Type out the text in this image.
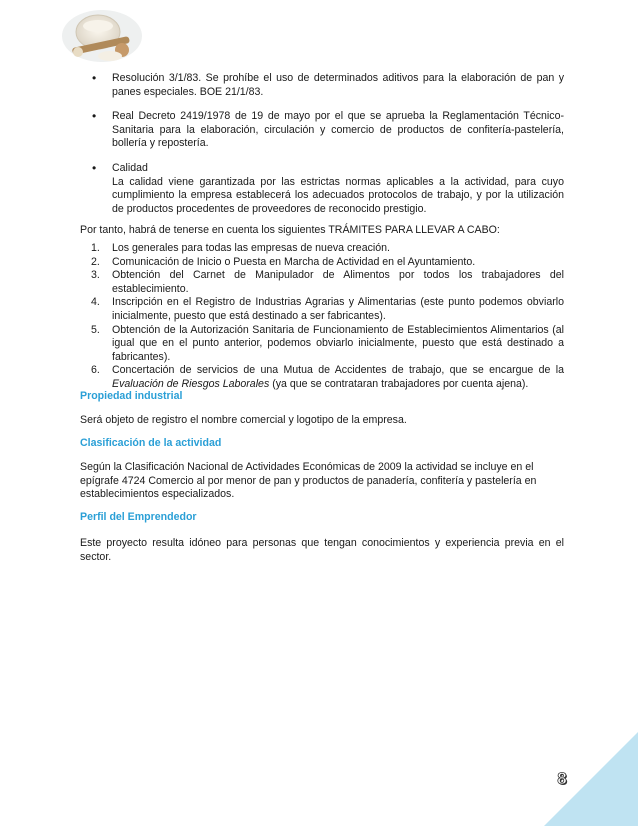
• Resolución 3/1/83. Se prohíbe el uso de determinados aditivos para la elaboración de pan y panes especiales. BOE 21/1/83.
• Real Decreto 2419/1978 de 19 de mayo por el que se aprueba la Reglamentación Técnico-Sanitaria para la elaboración, circulación y comercio de productos de confitería-pastelería, bollería y repostería.
• Calidad
La calidad viene garantizada por las estrictas normas aplicables a la actividad, para cuyo cumplimiento la empresa establecerá los adecuados protocolos de trabajo, y por la utilización de productos procedentes de proveedores de reconocido prestigio.

Por tanto, habrá de tenerse en cuenta los siguientes TRÁMITES PARA LLEVAR A CABO:

1. Los generales para todas las empresas de nueva creación.
2. Comunicación de Inicio o Puesta en Marcha de Actividad en el Ayuntamiento.
3. Obtención del Carnet de Manipulador de Alimentos por todos los trabajadores del establecimiento.
4. Inscripción en el Registro de Industrias Agrarias y Alimentarias (este punto podemos obviarlo inicialmente, puesto que está destinado a ser fabricantes).
5. Obtención de la Autorización Sanitaria de Funcionamiento de Establecimientos Alimentarios (al igual que en el punto anterior, podemos obviarlo inicialmente, puesto que está destinado a fabricantes).
6. Concertación de servicios de una Mutua de Accidentes de trabajo, que se encargue de la Evaluación de Riesgos Laborales (ya que se contrataran trabajadores por cuenta ajena).
Propiedad industrial

Será objeto de registro el nombre comercial y logotipo de la empresa.

Clasificación de la actividad

Según la Clasificación Nacional de Actividades Económicas de 2009 la actividad se incluye en el epígrafe 4724 Comercio al por menor de pan y productos de panadería, confitería y pastelería en establecimientos especializados.

Perfil del Emprendedor

Este proyecto resulta idóneo para personas que tengan conocimientos y experiencia previa en el sector.

8
